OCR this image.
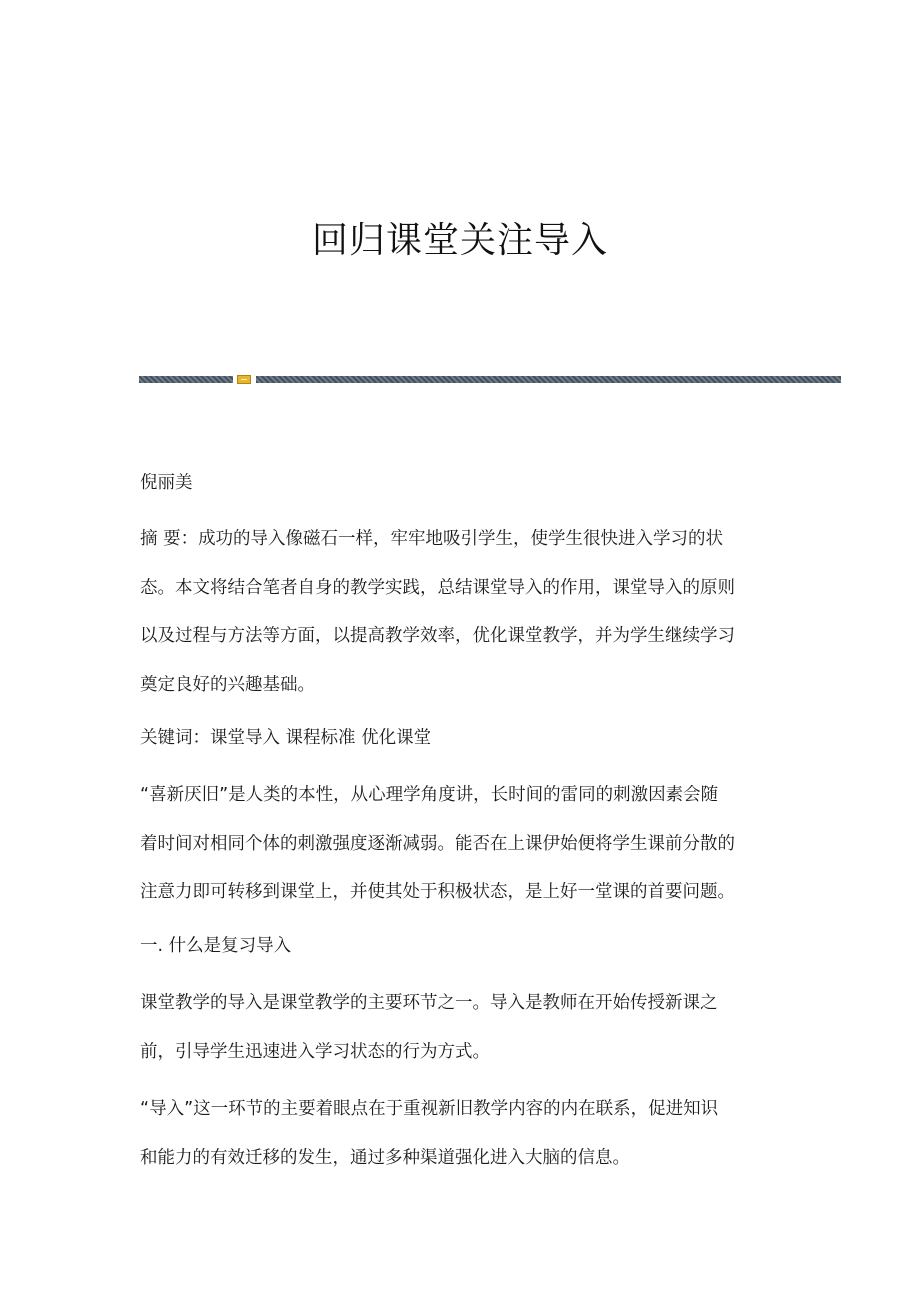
回归课堂关注导入

倪丽美

摘 要：成功的导入像磁石一样，牢牢地吸引学生，使学生很快进入学习的状
态。本文将结合笔者自身的教学实践，总结课堂导入的作用，课堂导入的原则
以及过程与方法等方面，以提高教学效率，优化课堂教学，并为学生继续学习
奠定良好的兴趣基础。

关键词：课堂导入 课程标准 优化课堂

“喜新厌旧”是人类的本性，从心理学角度讲，长时间的雷同的刺激因素会随
着时间对相同个体的刺激强度逐渐减弱。能否在上课伊始便将学生课前分散的
注意力即可转移到课堂上，并使其处于积极状态，是上好一堂课的首要问题。

一. 什么是复习导入

课堂教学的导入是课堂教学的主要环节之一。导入是教师在开始传授新课之
前，引导学生迅速进入学习状态的行为方式。
“导入”这一环节的主要着眼点在于重视新旧教学内容的内在联系，促进知识
和能力的有效迁移的发生，通过多种渠道强化进入大脑的信息。
